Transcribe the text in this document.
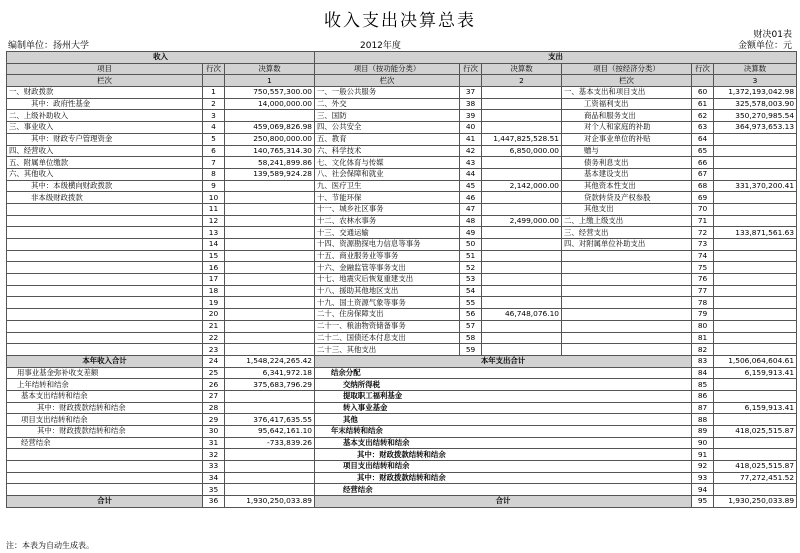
收入支出决算总表
财决01表
编制单位：扬州大学	2012年度	金额单位：元
收入			支出					
项目	行次	决算数	项目（按功能分类）	行次	决算数	项目（按经济分类）	行次	决算数
栏次		1	栏次		2	栏次		3
一、财政拨款	1	750,557,300.00	一、一般公共服务	37		一、基本支出和项目支出	60	1,372,193,042.98
其中：政府性基金	2	14,000,000.00	二、外交	38		工资福利支出	61	325,578,003.90
二、上级补助收入	3		三、国防	39		商品和服务支出	62	350,270,985.54
三、事业收入	4	459,069,826.98	四、公共安全	40		对个人和家庭的补助	63	364,973,653.13
其中：财政专户管理资金	5	250,800,000.00	五、教育	41	1,447,825,528.51	对企事业单位的补贴	64	
四、经营收入	6	140,765,314.30	六、科学技术	42	6,850,000.00	赠与	65	
五、附属单位缴款	7	58,241,899.86	七、文化体育与传媒	43		债务利息支出	66	
六、其他收入	8	139,589,924.28	八、社会保障和就业	44		基本建设支出	67	
其中：本级横向财政拨款	9		九、医疗卫生	45	2,142,000.00	其他资本性支出	68	331,370,200.41
非本级财政拨款	10		十、节能环保	46		贷款转贷及产权参股	69	
	11		十一、城乡社区事务	47		其他支出	70	
	12		十二、农林水事务	48	2,499,000.00	二、上缴上级支出	71	
	13		十三、交通运输	49		三、经营支出	72	133,871,561.63
	14		十四、资源勘探电力信息等事务	50		四、对附属单位补助支出	73	
	15		十五、商业服务业等事务	51			74	
	16		十六、金融监管等事务支出	52			75	
	17		十七、地震灾后恢复重建支出	53			76	
	18		十八、援助其他地区支出	54			77	
	19		十九、国土资源气象等事务	55			78	
	20		二十、住房保障支出	56	46,748,076.10		79	
	21		二十一、粮油物资储备事务	57			80	
	22		二十二、国债还本付息支出	58			81	
	23		二十三、其他支出	59			82	
本年收入合计	24	1,548,224,265.42	本年支出合计				83	1,506,064,604.61
用事业基金弥补收支差额	25	6,341,972.18	结余分配				84	6,159,913.41
上年结转和结余	26	375,683,796.29	交纳所得税				85	
基本支出结转和结余	27		提取职工福利基金				86	
其中：财政拨款结转和结余	28		转入事业基金				87	6,159,913.41
项目支出结转和结余	29	376,417,635.55	其他				88	
其中：财政拨款结转和结余	30	95,642,161.10	年末结转和结余				89	418,025,515.87
经营结余	31	-733,839.26	基本支出结转和结余				90	
	32		其中：财政拨款结转和结余				91	
	33		项目支出结转和结余				92	418,025,515.87
	34		其中：财政拨款结转和结余				93	77,272,451.52
	35		经营结余				94	
合计	36	1,930,250,033.89	合计				95	1,930,250,033.89
注：本表为自动生成表。
